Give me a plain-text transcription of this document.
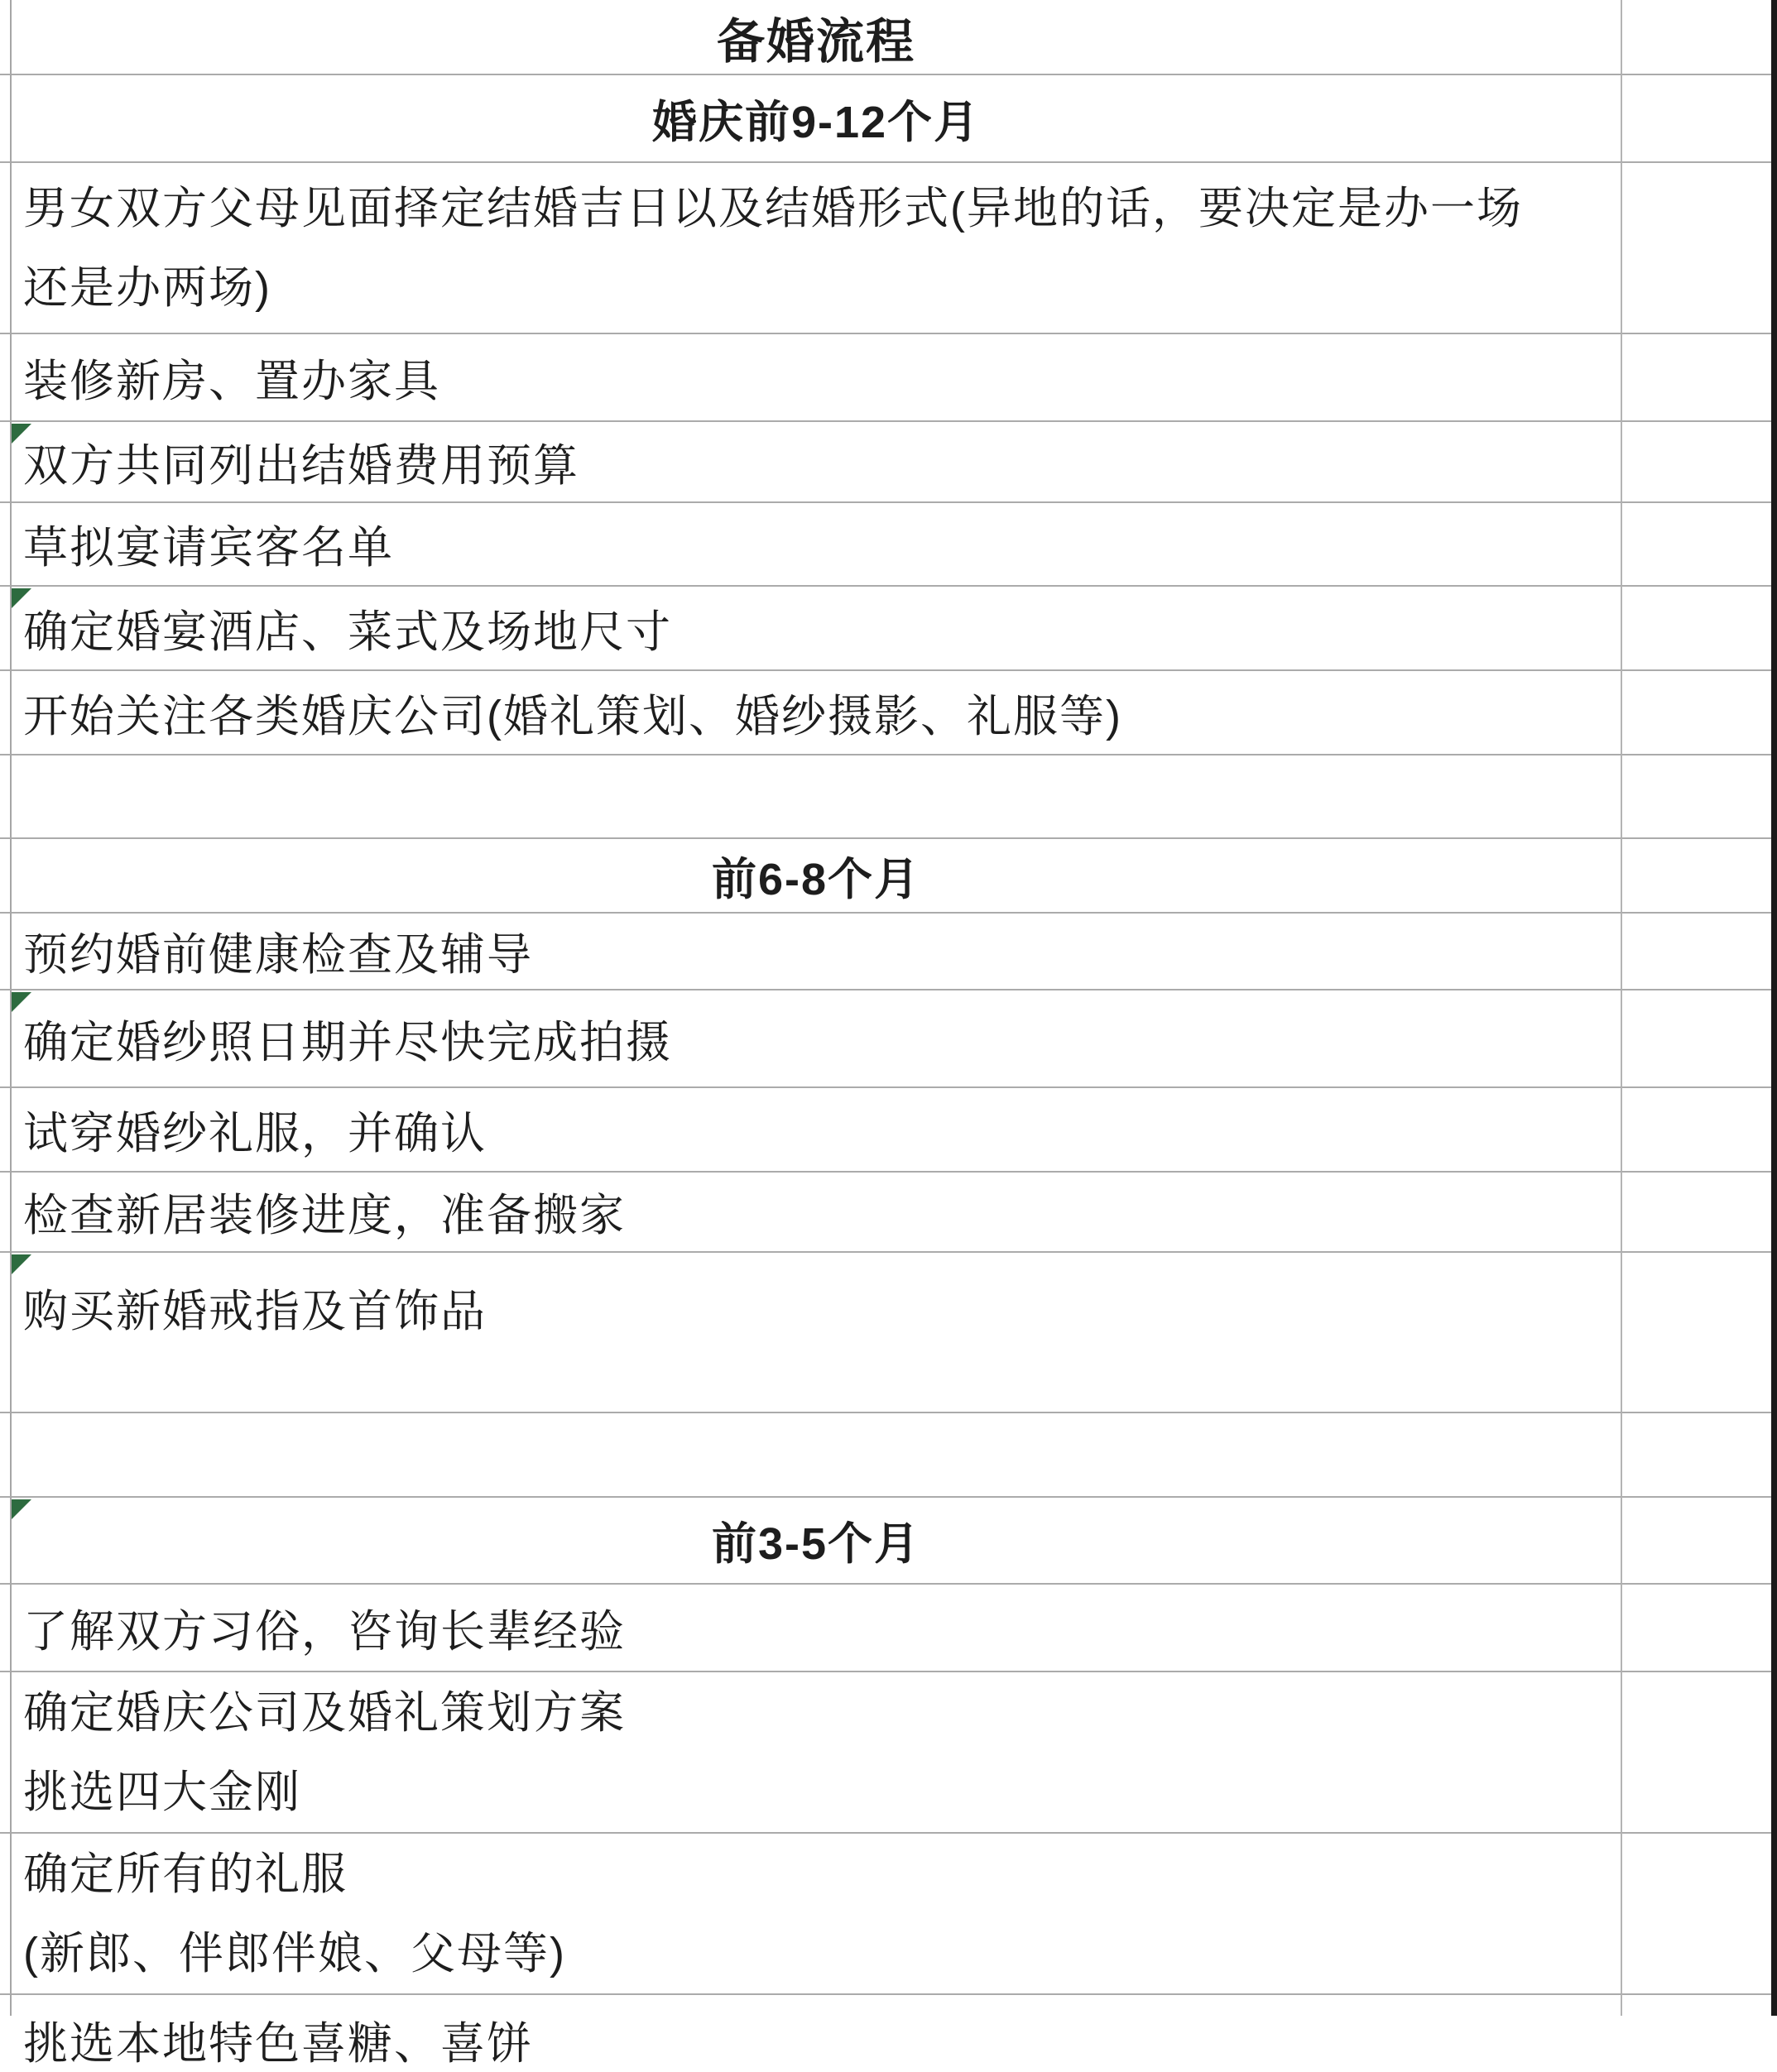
备婚流程
婚庆前9-12个月
男女双方父母见面择定结婚吉日以及结婚形式(异地的话，要决定是办一场
还是办两场)
装修新房、置办家具
双方共同列出结婚费用预算
草拟宴请宾客名单
确定婚宴酒店、菜式及场地尺寸
开始关注各类婚庆公司(婚礼策划、婚纱摄影、礼服等)
前6-8个月
预约婚前健康检查及辅导
确定婚纱照日期并尽快完成拍摄
试穿婚纱礼服，并确认
检查新居装修进度，准备搬家
购买新婚戒指及首饰品
前3-5个月
了解双方习俗，咨询长辈经验
确定婚庆公司及婚礼策划方案
挑选四大金刚
确定所有的礼服
(新郎、伴郎伴娘、父母等)
挑选本地特色喜糖、喜饼
